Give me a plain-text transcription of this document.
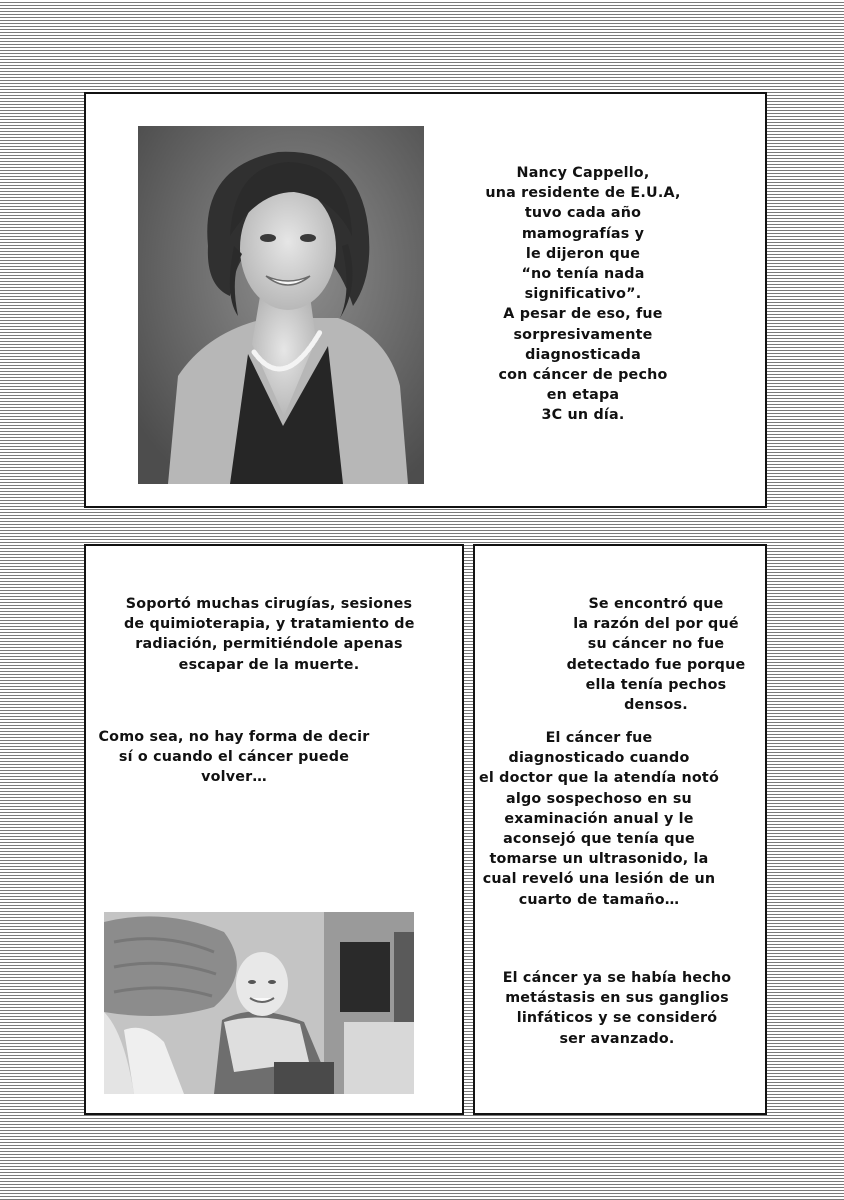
Nancy Cappello,
una residente de E.U.A,
tuvo cada año
mamografías y
le dijeron que
“no tenía nada
significativo”.
A pesar de eso, fue
sorpresivamente
diagnosticada
con cáncer de pecho
en etapa
3C un día.

Soportó muchas cirugías, sesiones
de quimioterapia, y tratamiento de
radiación, permitiéndole apenas
escapar de la muerte.

Como sea, no hay forma de decir
sí o cuando el cáncer puede
volver…

Se encontró que
la razón del por qué
su cáncer no fue
detectado fue porque
ella tenía pechos
densos.

El cáncer fue
diagnosticado cuando
el doctor que la atendía notó
algo sospechoso en su
examinación anual y le
aconsejó que tenía que
tomarse un ultrasonido, la
cual reveló una lesión de un
cuarto de tamaño…

El cáncer ya se había hecho
metástasis en sus ganglios
linfáticos y se consideró
ser avanzado.
